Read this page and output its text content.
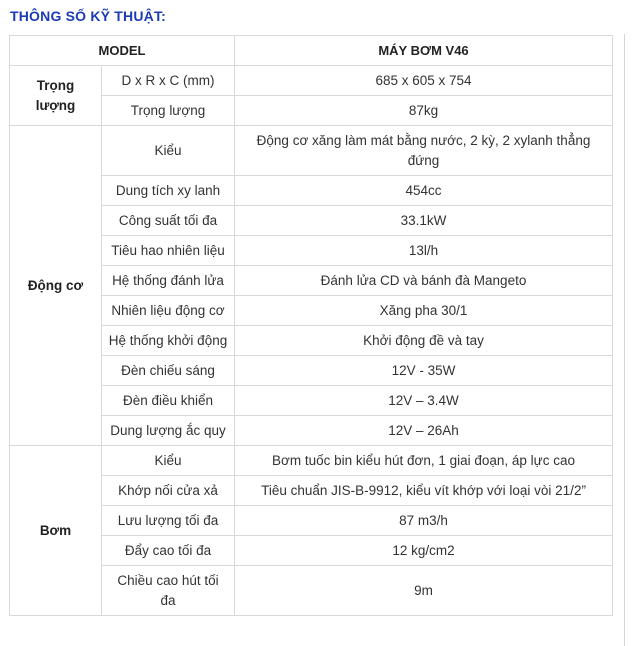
THÔNG SỐ KỸ THUẬT:
MODEL		MÁY BƠM V46
Trọng lượng	D x R x C (mm)	685 x 605 x 754
	Trọng lượng	87kg
Động cơ	Kiểu	Động cơ xăng làm mát bằng nước, 2 kỳ, 2 xylanh thẳng đứng
	Dung tích xy lanh	454cc
	Công suất tối đa	33.1kW
	Tiêu hao nhiên liệu	13l/h
	Hệ thống đánh lửa	Đánh lửa CD và bánh đà Mangeto
	Nhiên liệu động cơ	Xăng pha 30/1
	Hệ thống khởi động	Khởi động đề và tay
	Đèn chiếu sáng	12V - 35W
	Đèn điều khiển	12V – 3.4W
	Dung lượng ắc quy	12V – 26Ah
Bơm	Kiểu	Bơm tuốc bin kiểu hút đơn, 1 giai đoạn, áp lực cao
	Khớp nối cửa xả	Tiêu chuẩn JIS-B-9912, kiểu vít khớp với loại vòi 21/2”
	Lưu lượng tối đa	87 m3/h
	Đẩy cao tối đa	12 kg/cm2
	Chiều cao hút tối đa	9m
